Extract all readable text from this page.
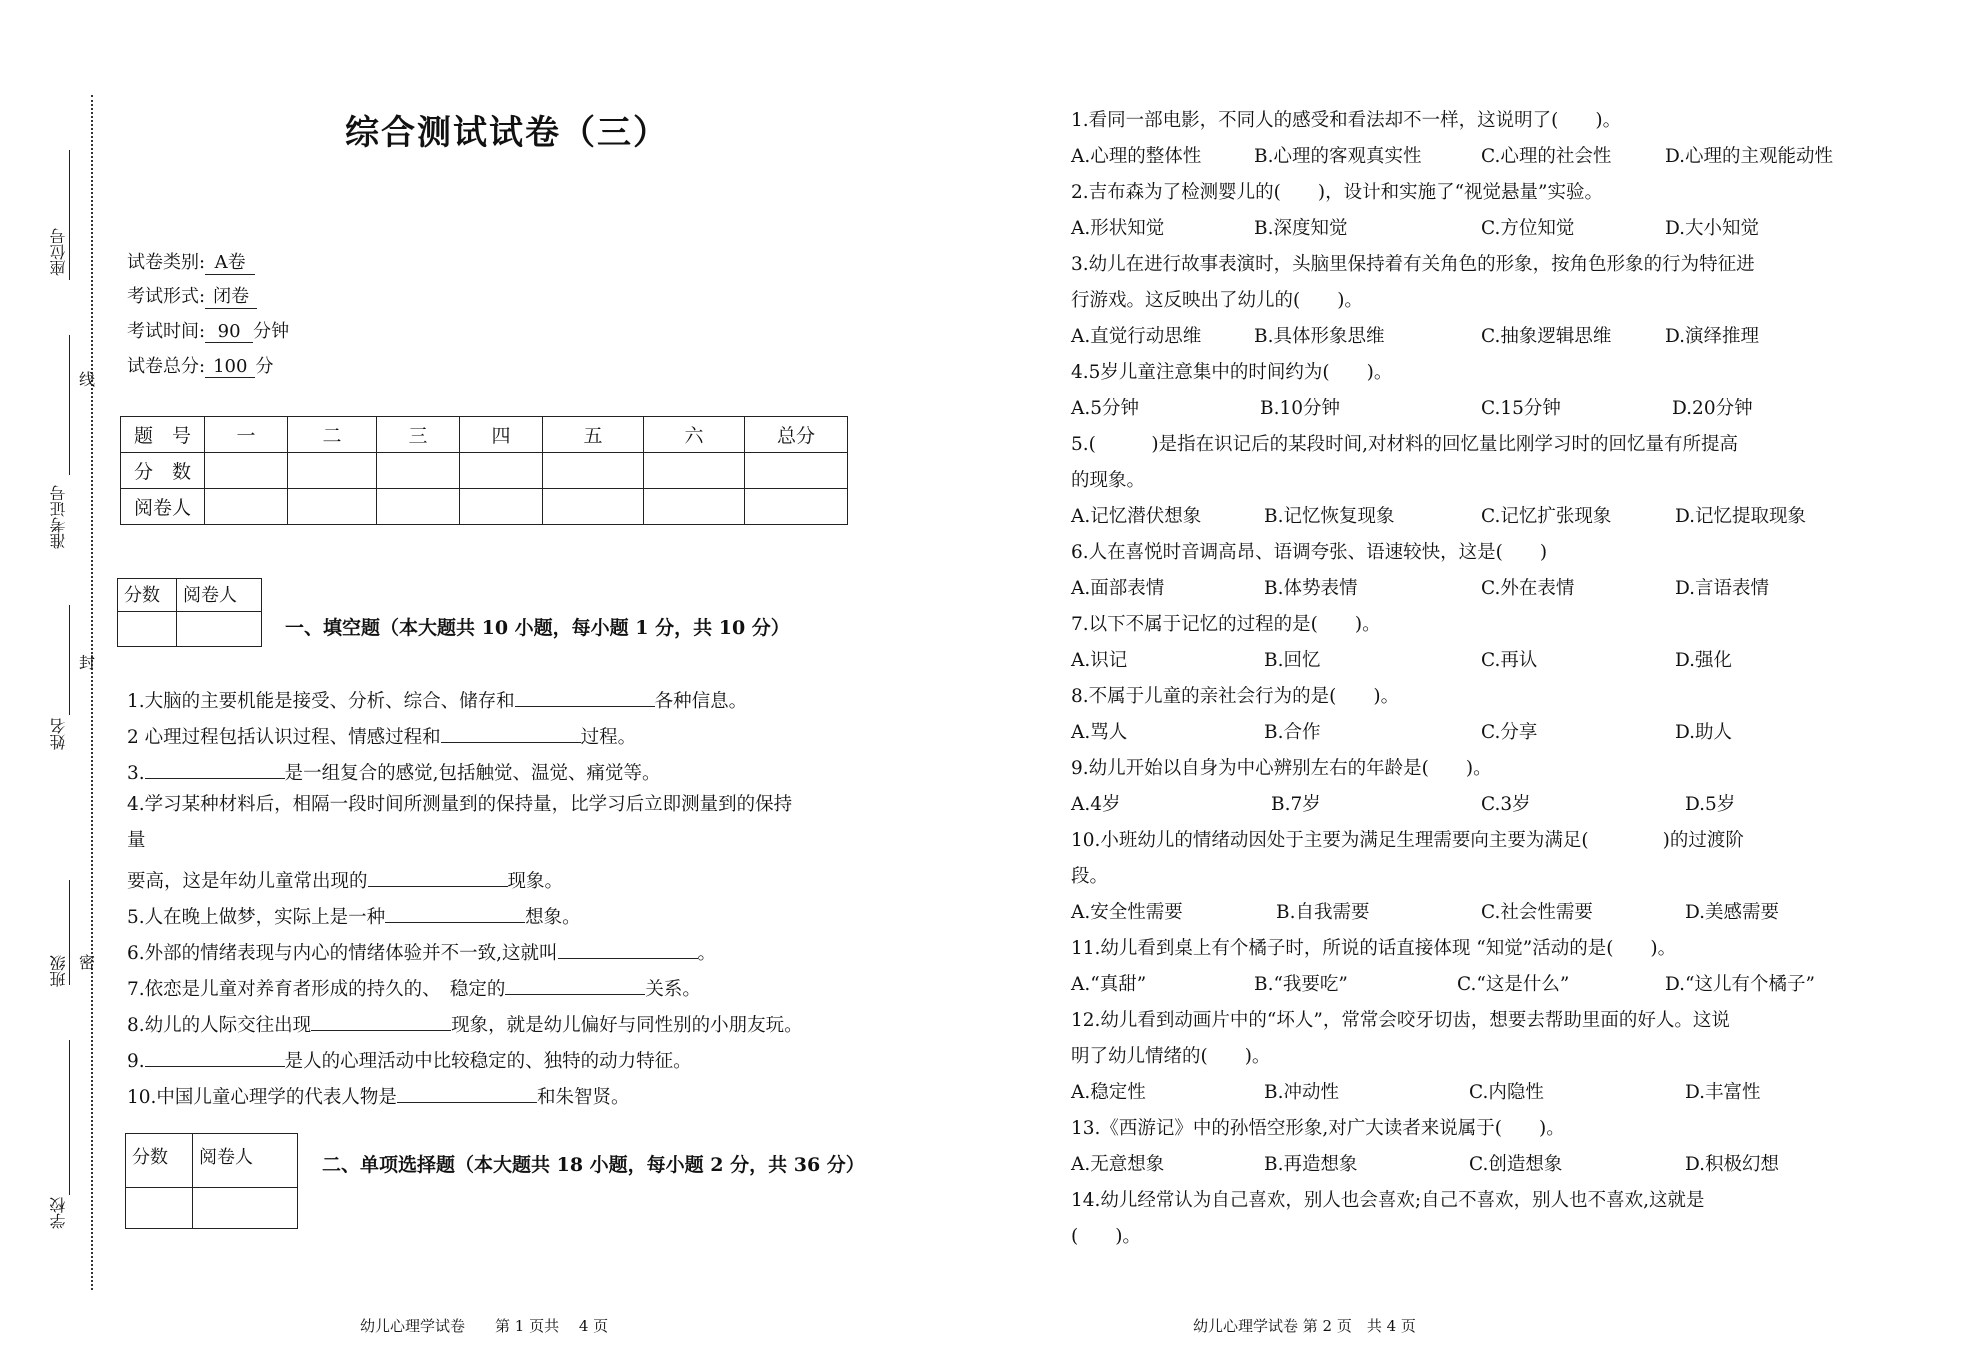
座位号
准考证号
姓名
班级
学校
线
封
密
综合测试试卷（三）
试卷类别: A卷
考试形式: 闭卷
考试时间: 90 分钟
试卷总分: 100 分
题　号	一	二	三	四	五	六	总分
分　数							
阅卷人							
分数	阅卷人

一、填空题（本大题共 10 小题，每小题 1 分，共 10 分）
1.大脑的主要机能是接受、分析、综合、储存和	各种信息。
2 心理过程包括认识过程、情感过程和	过程。
3.	是一组复合的感觉,包括触觉、温觉、痛觉等。
4.学习某种材料后，相隔一段时间所测量到的保持量，比学习后立即测量到的保持
量
要高，这是年幼儿童常出现的	现象。
5.人在晚上做梦，实际上是一种	想象。
6.外部的情绪表现与内心的情绪体验并不一致,这就叫	。
7.依恋是儿童对养育者形成的持久的、　稳定的	关系。
8.幼儿的人际交往出现	现象，就是幼儿偏好与同性别的小朋友玩。
9.	是人的心理活动中比较稳定的、独特的动力特征。
10.中国儿童心理学的代表人物是	和朱智贤。
分数	阅卷人
		二、单项选择题（本大题共 18 小题，每小题 2 分，共 36 分）
1.看同一部电影，不同人的感受和看法却不一样，这说明了(　　)。
A.心理的整体性	B.心理的客观真实性	C.心理的社会性	D.心理的主观能动性
2.吉布森为了检测婴儿的(　　)，设计和实施了“视觉悬量”实验。
A.形状知觉	B.深度知觉	C.方位知觉	D.大小知觉
3.幼儿在进行故事表演时，头脑里保持着有关角色的形象，按角色形象的行为特征进
行游戏。这反映出了幼儿的(　　)。
A.直觉行动思维	B.具体形象思维	C.抽象逻辑思维	D.演绎推理
4.5岁儿童注意集中的时间约为(　　)。
A.5分钟	B.10分钟	C.15分钟	D.20分钟
5.(　　　)是指在识记后的某段时间,对材料的回忆量比刚学习时的回忆量有所提高
的现象。
A.记忆潜伏想象	B.记忆恢复现象	C.记忆扩张现象	D.记忆提取现象
6.人在喜悦时音调高昂、语调夸张、语速较快，这是(　　)
A.面部表情	B.体势表情	C.外在表情	D.言语表情
7.以下不属于记忆的过程的是(　　)。
A.识记	B.回忆	C.再认	D.强化
8.不属于儿童的亲社会行为的是(　　)。
A.骂人	B.合作	C.分享	D.助人
9.幼儿开始以自身为中心辨别左右的年龄是(　　)。
A.4岁	B.7岁	C.3岁	D.5岁
10.小班幼儿的情绪动因处于主要为满足生理需要向主要为满足(　　　　)的过渡阶
段。
A.安全性需要	B.自我需要	C.社会性需要	D.美感需要
11.幼儿看到桌上有个橘子时，所说的话直接体现 “知觉”活动的是(　　)。
A.“真甜”	B.“我要吃”	C.“这是什么”	D.“这儿有个橘子”
12.幼儿看到动画片中的“坏人”，常常会咬牙切齿，想要去帮助里面的好人。这说
明了幼儿情绪的(　　)。
A.稳定性	B.冲动性	C.内隐性	D.丰富性
13.《西游记》中的孙悟空形象,对广大读者来说属于(　　)。
A.无意想象	B.再造想象	C.创造想象	D.积极幻想
14.幼儿经常认为自己喜欢，别人也会喜欢;自己不喜欢，别人也不喜欢,这就是
(　　)。
幼儿心理学试卷　　第 1 页共　 4 页	幼儿心理学试卷 第 2 页　共 4 页
